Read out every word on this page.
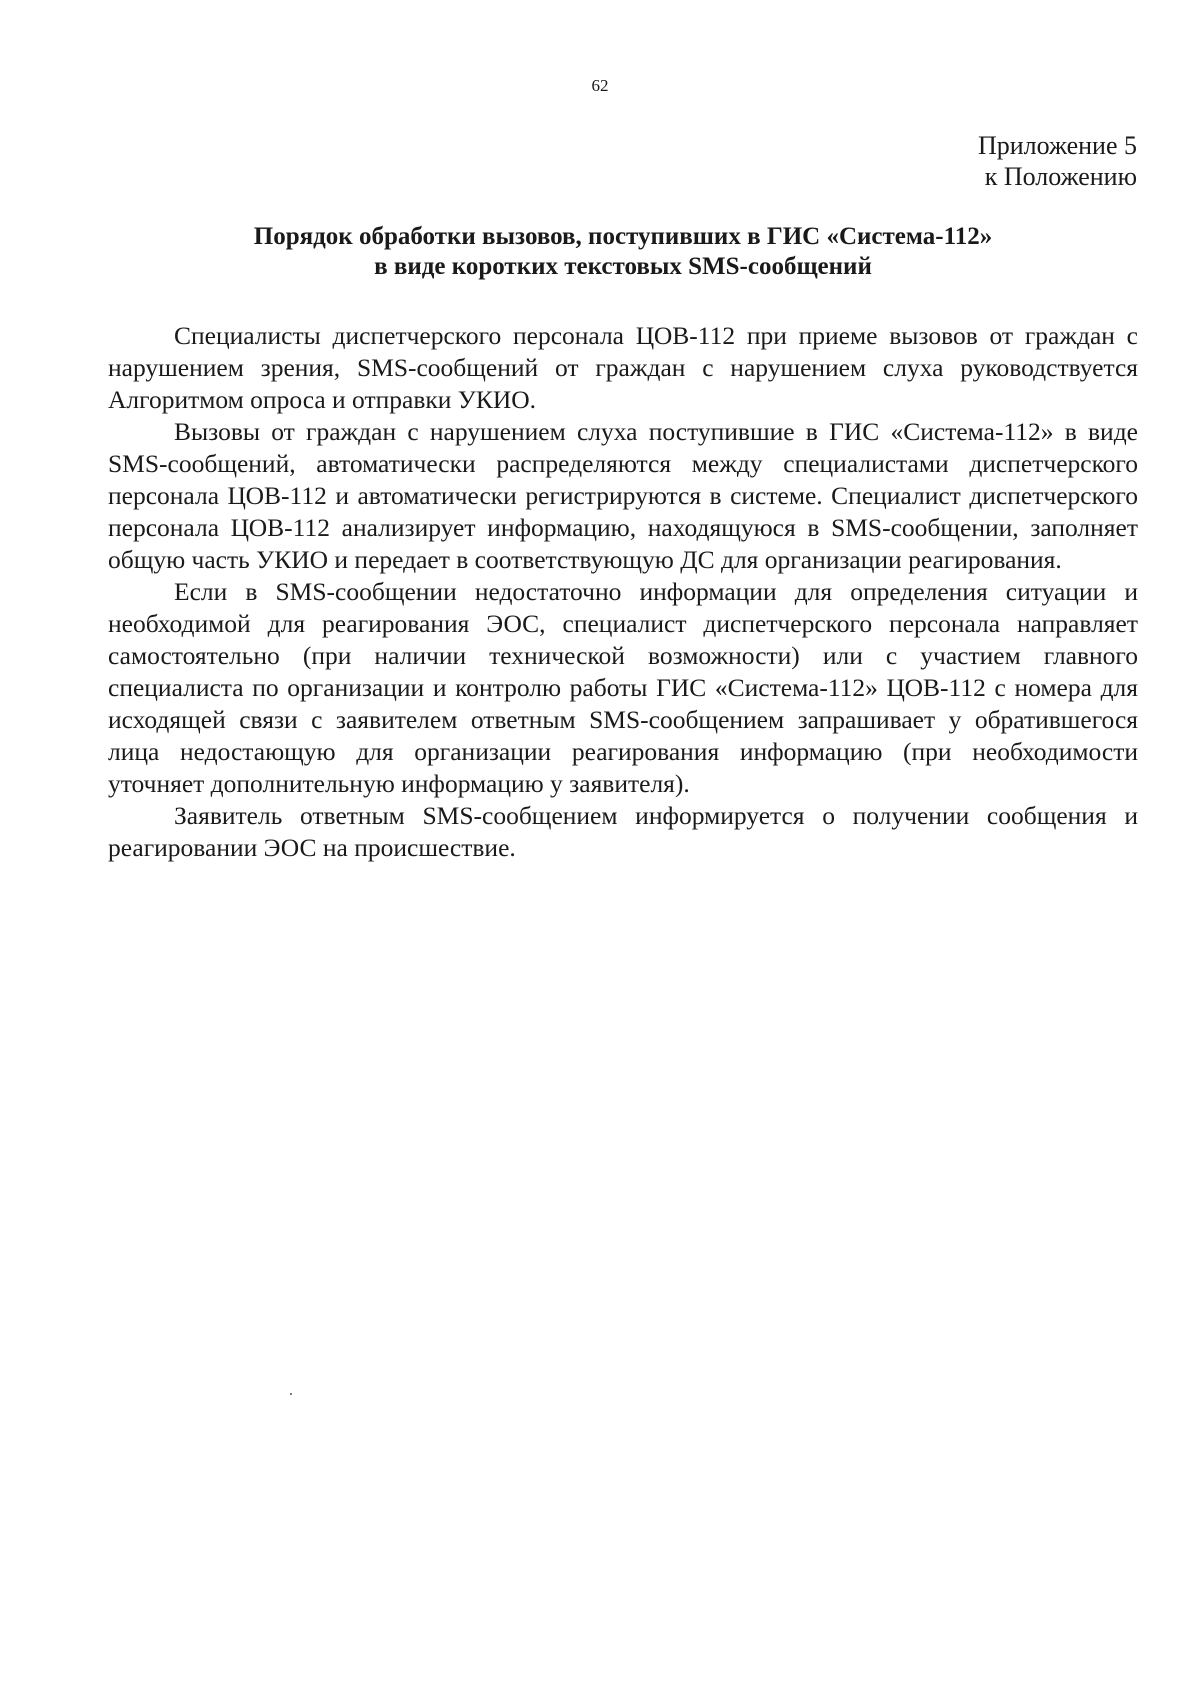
62
Приложение 5
к Положению
Порядок обработки вызовов, поступивших в ГИС «Система-112»
в виде коротких текстовых SMS-сообщений

Специалисты диспетчерского персонала ЦОВ-112 при приеме вызовов от граждан с нарушением зрения, SMS-сообщений от граждан с нарушением слуха руководствуется Алгоритмом опроса и отправки УКИО.

Вызовы от граждан с нарушением слуха поступившие в ГИС «Система-112» в виде SMS-сообщений, автоматически распределяются между специалистами диспетчерского персонала ЦОВ-112 и автоматически регистрируются в системе. Специалист диспетчерского персонала ЦОВ-112 анализирует информацию, находящуюся в SMS-сообщении, заполняет общую часть УКИО и передает в соответствующую ДС для организации реагирования.

Если в SMS-сообщении недостаточно информации для определения ситуации и необходимой для реагирования ЭОС, специалист диспетчерского персонала направляет самостоятельно (при наличии технической возможности) или с участием главного специалиста по организации и контролю работы ГИС «Система-112» ЦОВ-112 с номера для исходящей связи с заявителем ответным SMS-сообщением запрашивает у обратившегося лица недостающую для организации реагирования информацию (при необходимости уточняет дополнительную информацию у заявителя).

Заявитель ответным SMS-сообщением информируется о получении сообщения и реагировании ЭОС на происшествие.
